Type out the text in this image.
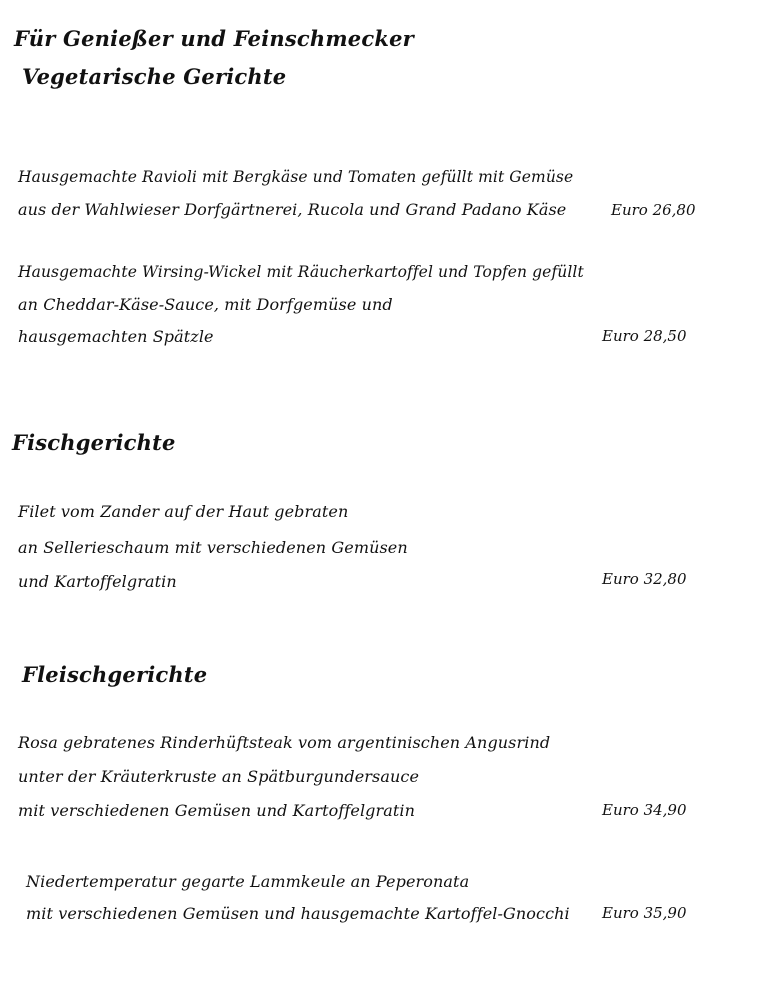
Für Genießer und Feinschmecker
Vegetarische Gerichte
Hausgemachte Ravioli mit Bergkäse und Tomaten gefüllt mit Gemüse
aus der Wahlwieser Dorfgärtnerei, Rucola und Grand Padano Käse	Euro 26,80
Hausgemachte Wirsing-Wickel mit Räucherkartoffel und Topfen gefüllt
an Cheddar-Käse-Sauce, mit Dorfgemüse und
hausgemachten Spätzle	Euro 28,50
Fischgerichte
Filet vom Zander auf der Haut gebraten
an Sellerieschaum mit verschiedenen Gemüsen
und Kartoffelgratin	Euro 32,80
Fleischgerichte
Rosa gebratenes Rinderhüftsteak vom argentinischen Angusrind
unter der Kräuterkruste an Spätburgundersauce
mit verschiedenen Gemüsen und Kartoffelgratin	Euro 34,90
Niedertemperatur gegarte Lammkeule an Peperonata
mit verschiedenen Gemüsen und hausgemachte Kartoffel-Gnocchi Euro 35,90
